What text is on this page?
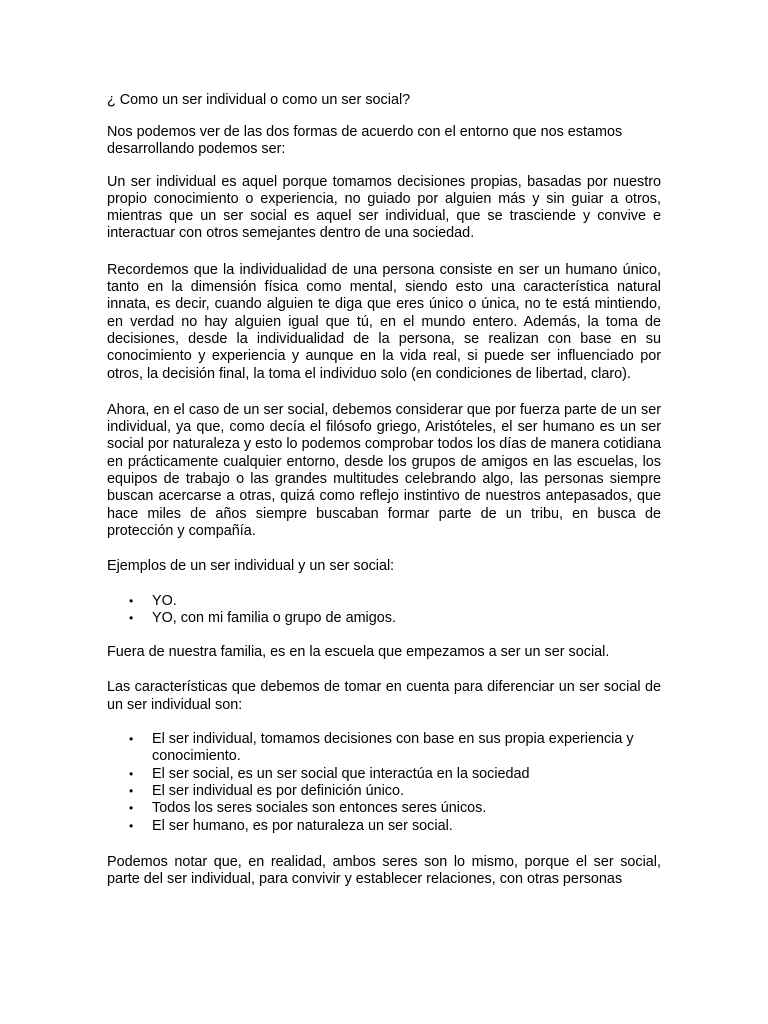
¿ Como un ser individual o como un ser social?

Nos podemos ver de las dos formas de acuerdo con el entorno que nos estamos desarrollando podemos ser:

Un ser individual es aquel porque tomamos decisiones propias, basadas por nuestro propio conocimiento o experiencia, no guiado por alguien más y sin guiar a otros, mientras que un ser social es aquel ser individual, que se trasciende y convive e interactuar con otros semejantes dentro de una sociedad.

Recordemos que la individualidad de una persona consiste en ser un humano único, tanto en la dimensión física como mental, siendo esto una característica natural innata, es decir, cuando alguien te diga que eres único o única, no te está mintiendo, en verdad no hay alguien igual que tú, en el mundo entero. Además, la toma de decisiones, desde la individualidad de la persona, se realizan con base en su conocimiento y experiencia y aunque en la vida real, si puede ser influenciado por otros, la decisión final, la toma el individuo solo (en condiciones de libertad, claro).

Ahora, en el caso de un ser social, debemos considerar que por fuerza parte de un ser individual, ya que, como decía el filósofo griego, Aristóteles, el ser humano es un ser social por naturaleza y esto lo podemos comprobar todos los días de manera cotidiana en prácticamente cualquier entorno, desde los grupos de amigos en las escuelas, los equipos de trabajo o las grandes multitudes celebrando algo, las personas siempre buscan acercarse a otras, quizá como reflejo instintivo de nuestros antepasados, que hace miles de años siempre buscaban formar parte de un tribu, en busca de protección y compañía.

Ejemplos de un ser individual y un ser social:

• YO.
• YO, con mi familia o grupo de amigos.

Fuera de nuestra familia, es en la escuela que empezamos a ser un ser social.

Las características que debemos de tomar en cuenta para diferenciar un ser social de un ser individual son:

• El ser individual, tomamos decisiones con base en sus propia experiencia y conocimiento.
• El ser social, es un ser social que interactúa en la sociedad
• El ser individual es por definición único.
• Todos los seres sociales son entonces seres únicos.
• El ser humano, es por naturaleza un ser social.

Podemos notar que, en realidad, ambos seres son lo mismo, porque el ser social, parte del ser individual, para convivir y establecer relaciones, con otras personas
